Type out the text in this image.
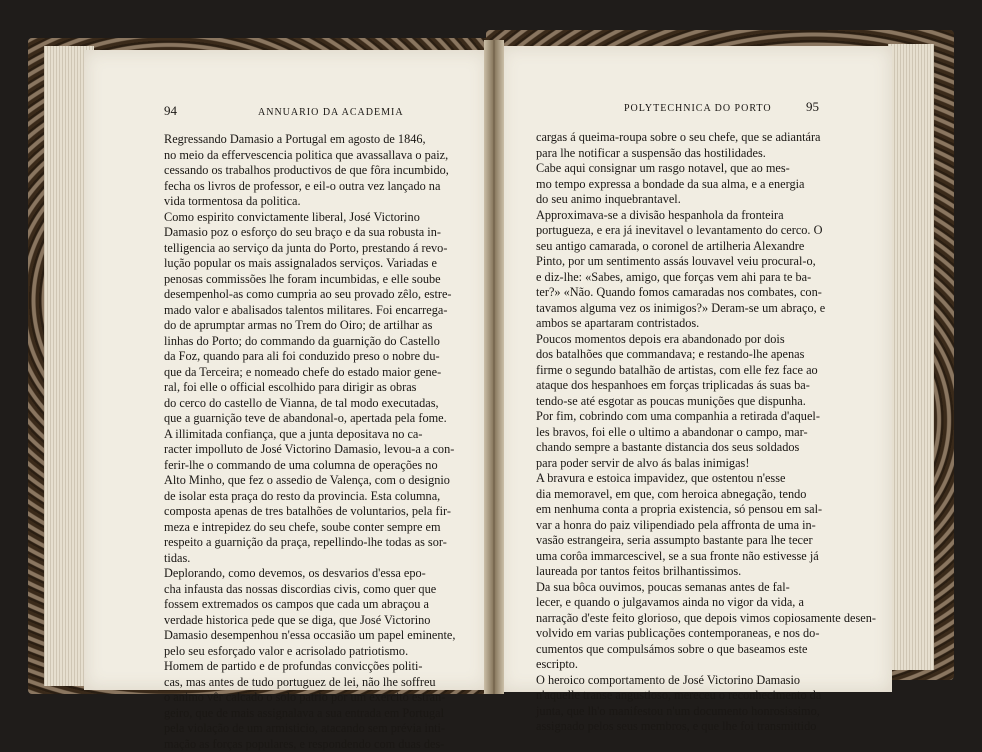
94	ANNUARIO DA ACADEMIA

Regressando Damasio a Portugal em agosto de 1846,

no meio da effervescencia politica que avassallava o paiz,

cessando os trabalhos productivos de que fôra incumbido,

fecha os livros de professor, e eil-o outra vez lançado na

vida tormentosa da politica.

Como espirito convictamente liberal, José Victorino

Damasio poz o esforço do seu braço e da sua robusta in-

telligencia ao serviço da junta do Porto, prestando á revo-

lução popular os mais assignalados serviços. Variadas e

penosas commissões lhe foram incumbidas, e elle soube

desempenhol-as como cumpria ao seu provado zêlo, estre-

mado valor e abalisados talentos militares. Foi encarrega-

do de aprumptar armas no Trem do Oiro; de artilhar as

linhas do Porto; do commando da guarnição do Castello

da Foz, quando para ali foi conduzido preso o nobre du-

que da Terceira; e nomeado chefe do estado maior gene-

ral, foi elle o official escolhido para dirigir as obras

do cerco do castello de Vianna, de tal modo executadas,

que a guarnição teve de abandonal-o, apertada pela fome.

A illimitada confiança, que a junta depositava no ca-

racter impolluto de José Victorino Damasio, levou-a a con-

ferir-lhe o commando de uma columna de operações no

Alto Minho, que fez o assedio de Valença, com o designio

de isolar esta praça do resto da provincia. Esta columna,

composta apenas de tres batalhões de voluntarios, pela fir-

meza e intrepidez do seu chefe, soube conter sempre em

respeito a guarnição da praça, repellindo-lhe todas as sor-

tidas.

Deplorando, como devemos, os desvarios d'essa epo-

cha infausta das nossas discordias civis, como quer que

fossem extremados os campos que cada um abraçou a

verdade historica pede que se diga, que José Victorino

Damasio desempenhou n'essa occasião um papel eminente,

pelo seu esforçado valor e acrisolado patriotismo.

Homem de partido e de profundas convicções politi-

cas, mas antes de tudo portuguez de lei, não lhe soffreu

o animo vêr calcado o solo patrio por um exercito estran-

geiro, que de mais assignalava a sua entrada em Portugal

pela violação de um armisticio, atacando sem prévia inti-

mação as forças populares, e respondendo com duas des-

POLYTECHNICA DO PORTO	95

cargas á queima-roupa sobre o seu chefe, que se adiantára

para lhe notificar a suspensão das hostilidades.

Cabe aqui consignar um rasgo notavel, que ao mes-

mo tempo expressa a bondade da sua alma, e a energia

do seu animo inquebrantavel.

Approximava-se a divisão hespanhola da fronteira

portugueza, e era já inevitavel o levantamento do cerco. O

seu antigo camarada, o coronel de artilheria Alexandre

Pinto, por um sentimento assás louvavel veiu procural-o,

e diz-lhe: «Sabes, amigo, que forças vem ahi para te ba-

ter?» «Não. Quando fomos camaradas nos combates, con-

tavamos alguma vez os inimigos?» Deram-se um abraço, e

ambos se apartaram contristados.

Poucos momentos depois era abandonado por dois

dos batalhões que commandava; e restando-lhe apenas

firme o segundo batalhão de artistas, com elle fez face ao

ataque dos hespanhoes em forças triplicadas ás suas ba-

tendo-se até esgotar as poucas munições que dispunha.

Por fim, cobrindo com uma companhia a retirada d'aquel-

les bravos, foi elle o ultimo a abandonar o campo, mar-

chando sempre a bastante distancia dos seus soldados

para poder servir de alvo ás balas inimigas!

A bravura e estoica impavidez, que ostentou n'esse

dia memoravel, em que, com heroica abnegação, tendo

em nenhuma conta a propria existencia, só pensou em sal-

var a honra do paiz vilipendiado pela affronta de uma in-

vasão estrangeira, seria assumpto bastante para lhe tecer

uma corôa immarcescivel, se a sua fronte não estivesse já

laureada por tantos feitos brilhantissimos.

Da sua bôca ouvimos, poucas semanas antes de fal-

lecer, e quando o julgavamos ainda no vigor da vida, a

narração d'este feito glorioso, que depois vimos copiosamente desen-

volvido em varias publicações contemporaneas, e nos do-

cumentos que compulsámos sobre o que baseamos este

escripto.

O heroico comportamento de José Victorino Damasio

n'aquelle transe angustioso, mereceu o reconhecimento da

junta, que lh'o manifestou n'um documento honrosissimo,

assignado pelos seus membros, e que lhe foi transmittido
